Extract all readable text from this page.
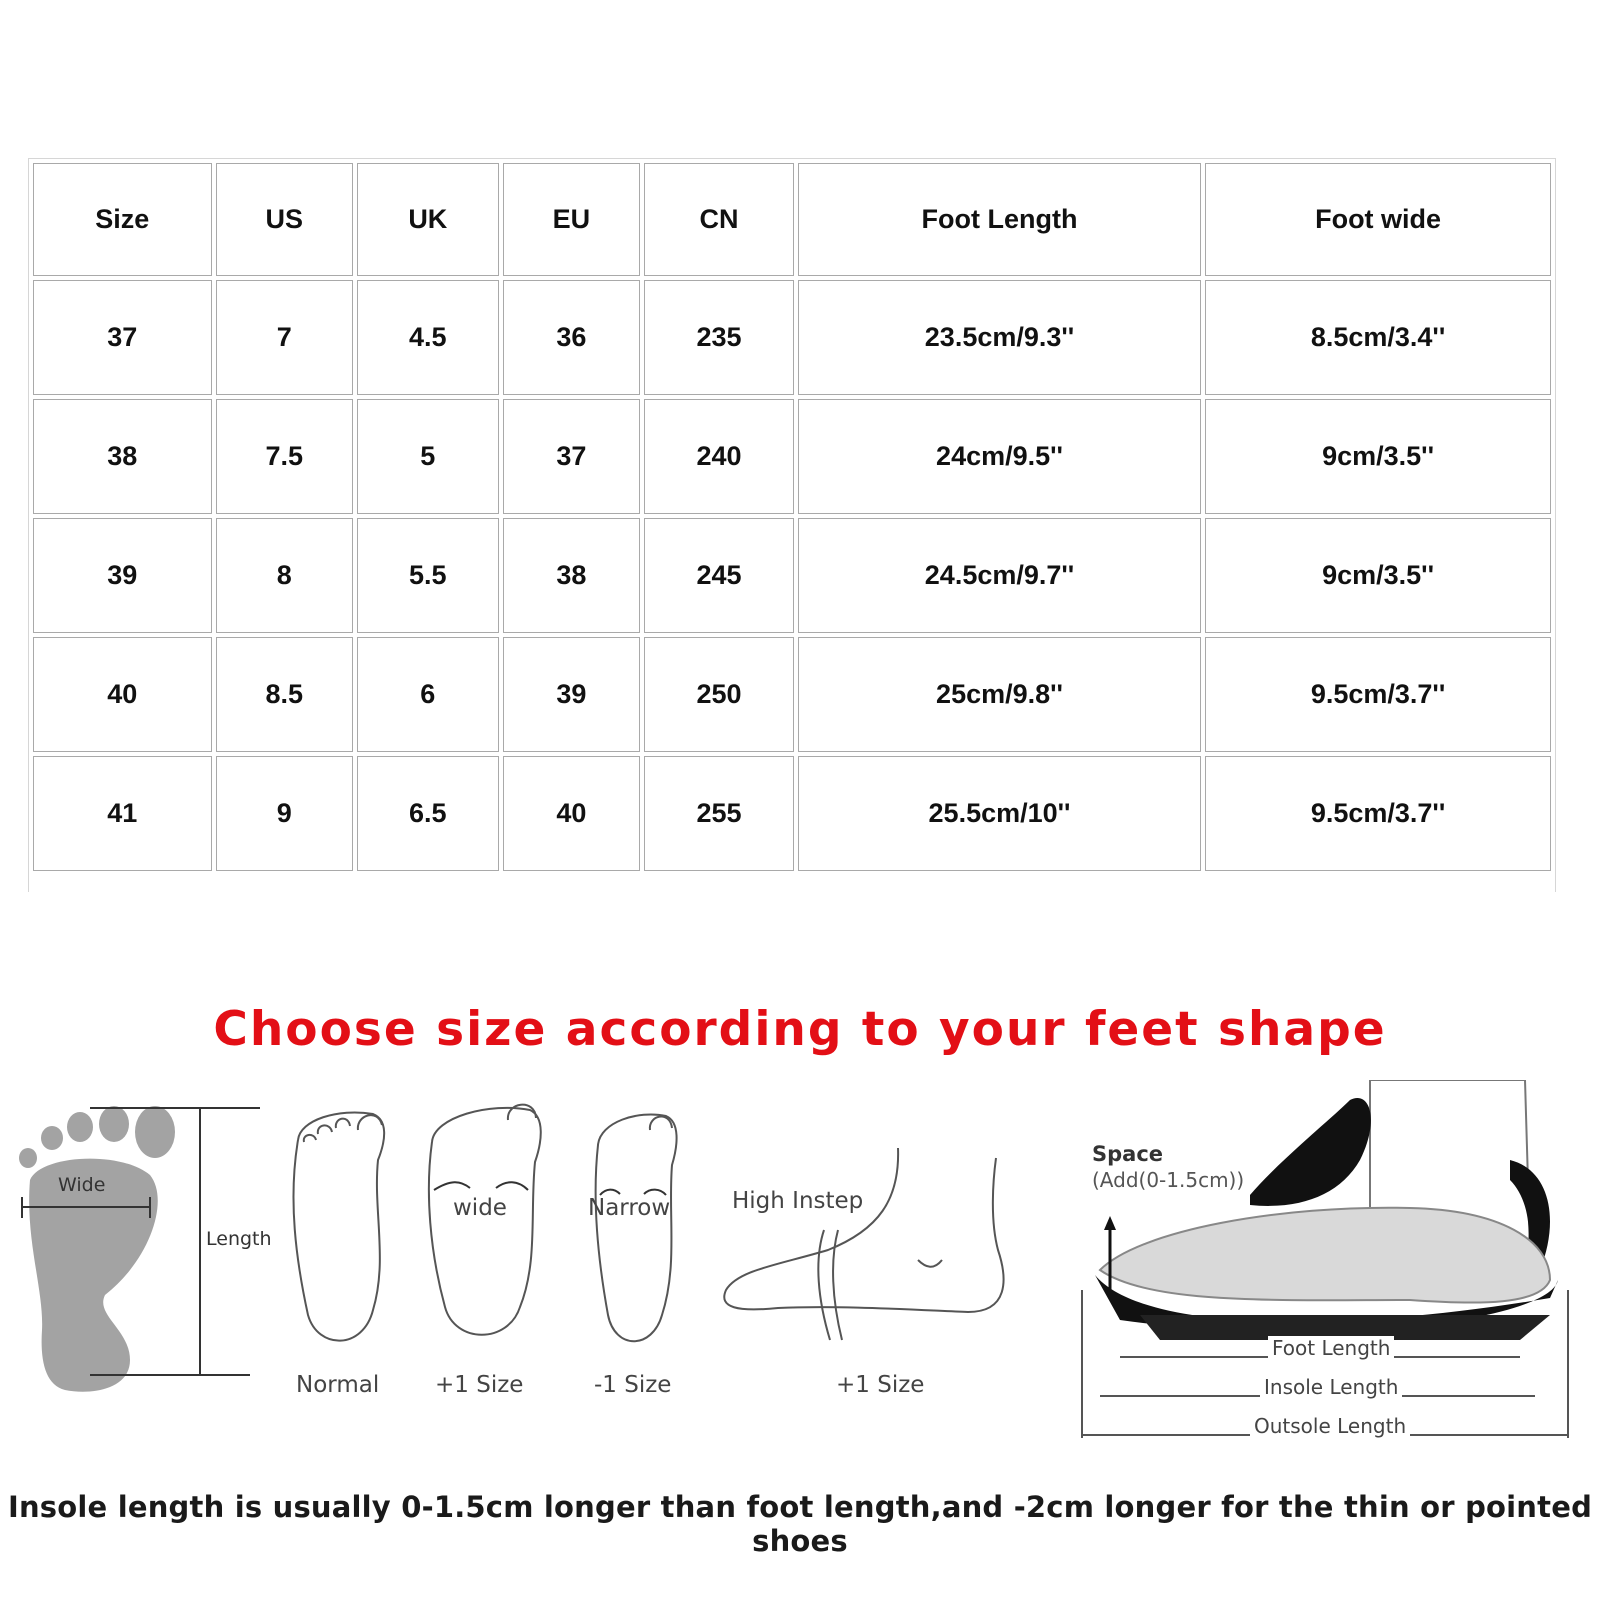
Size	US	UK	EU	CN	Foot Length	Foot wide
37	7	4.5	36	235	23.5cm/9.3''	8.5cm/3.4''
38	7.5	5	37	240	24cm/9.5''	9cm/3.5''
39	8	5.5	38	245	24.5cm/9.7''	9cm/3.5''
40	8.5	6	39	250	25cm/9.8''	9.5cm/3.7''
41	9	6.5	40	255	25.5cm/10''	9.5cm/3.7''
Choose size according to your feet shape
Wide
Length
wide	Narrow	High Instep
Normal +1 Size	-1 Size	+1 Size
Space
(Add(0-1.5cm))
Foot Length
Insole Length
Outsole Length
Insole length is usually 0-1.5cm longer than foot length,and -2cm longer for the thin or pointed shoes
